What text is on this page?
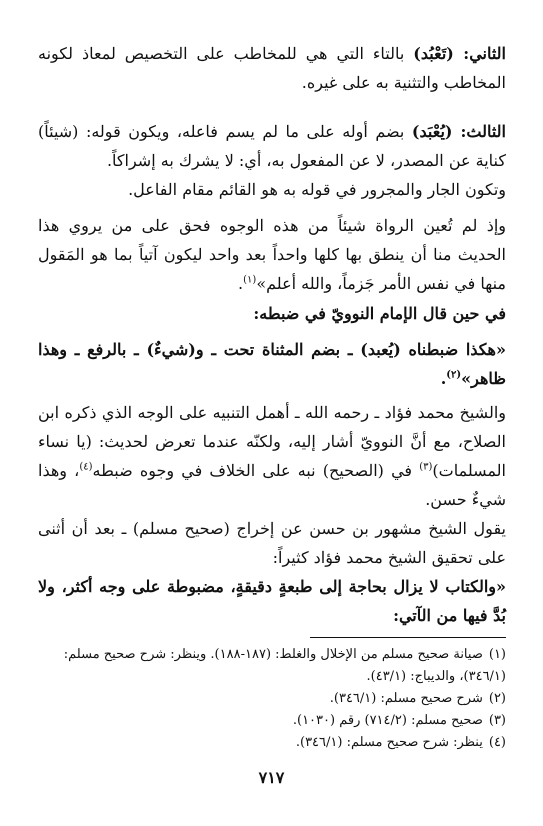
الثاني: (تَعْبُد) بالتاء التي هي للمخاطب على التخصيص لمعاذ لكونه المخاطب والتثنية به على غيره.

الثالث: (يُعْبَد) بضم أوله على ما لم يسم فاعله، ويكون قوله: (شيئاً) كناية عن المصدر، لا عن المفعول به، أي: لا يشرك به إشراكاً.

وتكون الجار والمجرور في قوله به هو القائم مقام الفاعل.

وإذ لم تُعين الرواة شيئاً من هذه الوجوه فحق على من يروي هذا الحديث منا أن ينطق بها كلها واحداً بعد واحد ليكون آتياً بما هو المَقول منها في نفس الأمر جَزماً، والله أعلم»$^{(١)}$.

في حين قال الإمام النوويّ في ضبطه:

«هكذا ضبطناه (يُعبد) ـ بضم المثناة تحت ـ و(شيءٌ) ـ بالرفع ـ وهذا ظاهر»$^{(٢)}$.

والشيخ محمد فؤاد ـ رحمه الله ـ أهمل التنبيه على الوجه الذي ذكره ابن الصلاح، مع أنَّ النوويّ أشار إليه، ولكنّه عندما تعرض لحديث: (يا نساء المسلمات)$^{(٣)}$ في (الصحيح) نبه على الخلاف في وجوه ضبطه$^{(٤)}$، وهذا شيءٌ حسن.

يقول الشيخ مشهور بن حسن عن إخراج (صحيح مسلم) ـ بعد أن أثنى على تحقيق الشيخ محمد فؤاد كثيراً:

«والكتاب لا يزال بحاجة إلى طبعةٍ دقيقةٍ، مضبوطة على وجه أكثر، ولا بُدَّ فيها من الآتي:

(١)صيانة صحيح مسلم من الإخلال والغلط: (١٨٧-١٨٨). وينظر: شرح صحيح مسلم: (٣٤٦/١)، والديباج: (٤٣/١).
(٢)شرح صحيح مسلم: (٣٤٦/١).
(٣)صحيح مسلم: (٧١٤/٢) رقم (١٠٣٠).
(٤)ينظر: شرح صحيح مسلم: (٣٤٦/١).
٧١٧
